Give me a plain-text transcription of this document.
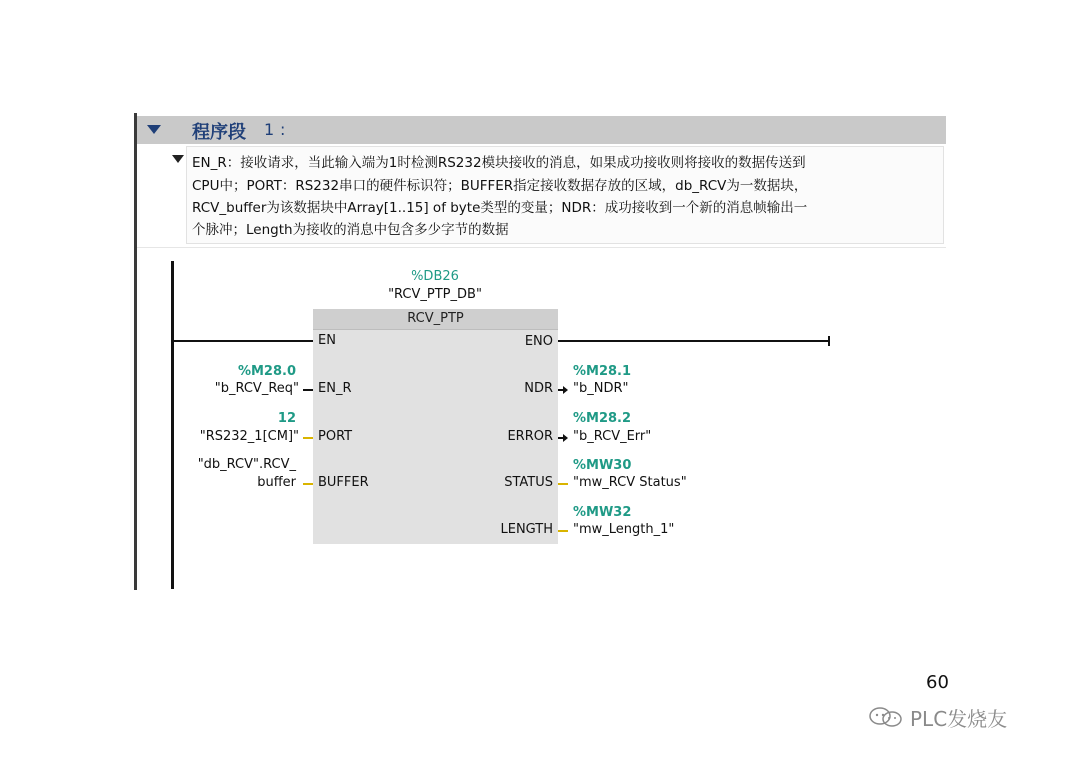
程序段 1 :
EN_R：接收请求，当此输入端为1时检测RS232模块接收的消息，如果成功接收则将接收的数据传送到
CPU中；PORT：RS232串口的硬件标识符；BUFFER指定接收数据存放的区域，db_RCV为一数据块，
RCV_buffer为该数据块中Array[1..15] of byte类型的变量；NDR：成功接收到一个新的消息帧输出一
个脉冲；Length为接收的消息中包含多少字节的数据
%DB26
"RCV_PTP_DB"
RCV_PTP
EN
EN_R
PORT
BUFFER
ENO
NDR
ERROR
STATUS
LENGTH
%M28.0
"b_RCV_Req"
12
"RS232_1[CM]"
"db_RCV".RCV_
buffer
%M28.1
"b_NDR"
%M28.2
"b_RCV_Err"
%MW30
"mw_RCV Status"
%MW32
"mw_Length_1"
60
PLC发烧友
